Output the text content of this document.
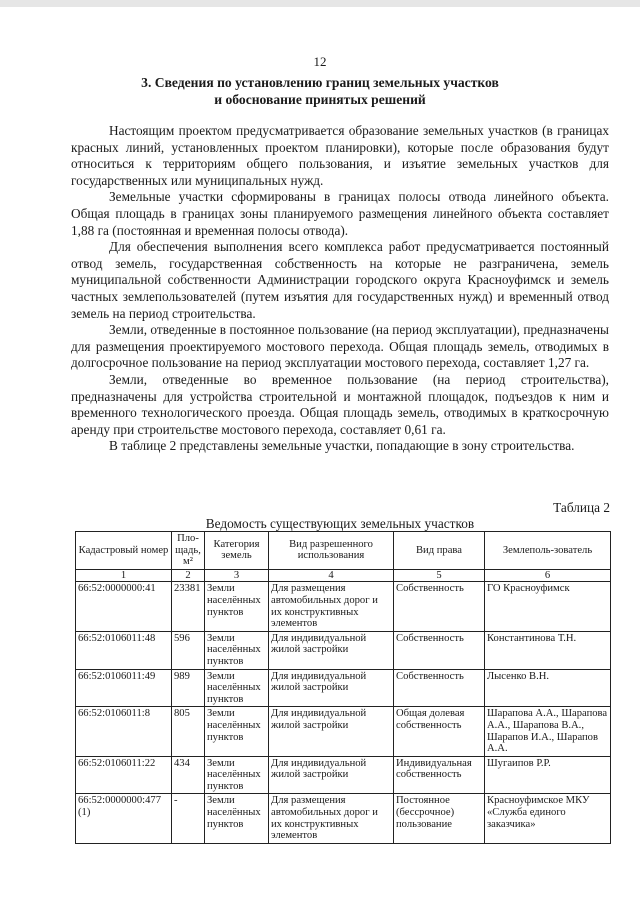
12
3. Сведения по установлению границ земельных участков
и обоснование принятых решений

Настоящим проектом предусматривается образование земельных участков (в границах красных линий, установленных проектом планировки), которые после образования будут относиться к территориям общего пользования, и изъятие земельных участков для государственных или муниципальных нужд.

Земельные участки сформированы в границах полосы отвода линейного объекта. Общая площадь в границах зоны планируемого размещения линейного объекта составляет 1,88 га (постоянная и временная полосы отвода).

Для обеспечения выполнения всего комплекса работ предусматривается постоянный отвод земель, государственная собственность на которые не разграничена, земель муниципальной собственности Администрации городского округа Красноуфимск и земель частных землепользователей (путем изъятия для государственных нужд) и временный отвод земель на период строительства.

Земли, отведенные в постоянное пользование (на период эксплуатации), предназначены для размещения проектируемого мостового перехода. Общая площадь земель, отводимых в долгосрочное пользование на период эксплуатации мостового перехода, составляет 1,27 га.

Земли, отведенные во временное пользование (на период строительства), предназначены для устройства строительной и монтажной площадок, подъездов к ним и временного технологического проезда. Общая площадь земель, отводимых в краткосрочную аренду при строительстве мостового перехода, составляет 0,61 га.

В таблице 2 представлены земельные участки, попадающие в зону строительства.

Таблица 2
Ведомость существующих земельных участков
Кадастровый номер	Пло-щадь, м²	Категория земель	Вид разрешенного использования	Вид права	Землеполь-зователь
1	2	3	4	5	6
66:52:0000000:41	23381	Земли населённых пунктов	Для размещения автомобильных дорог и их конструктивных элементов	Собственность	ГО Красноуфимск
66:52:0106011:48	596	Земли населённых пунктов	Для индивидуальной жилой застройки	Собственность	Константинова Т.Н.
66:52:0106011:49	989	Земли населённых пунктов	Для индивидуальной жилой застройки	Собственность	Лысенко В.Н.
66:52:0106011:8	805	Земли населённых пунктов	Для индивидуальной жилой застройки	Общая долевая собственность	Шарапова А.А., Шарапова А.А., Шарапова В.А., Шарапов И.А., Шарапов А.А.
66:52:0106011:22	434	Земли населённых пунктов	Для индивидуальной жилой застройки	Индивидуальная собственность	Шугаипов Р.Р.
66:52:0000000:477 (1)	-	Земли населённых пунктов	Для размещения автомобильных дорог и их конструктивных элементов	Постоянное (бессрочное) пользование	Красноуфимское МКУ «Служба единого заказчика»
